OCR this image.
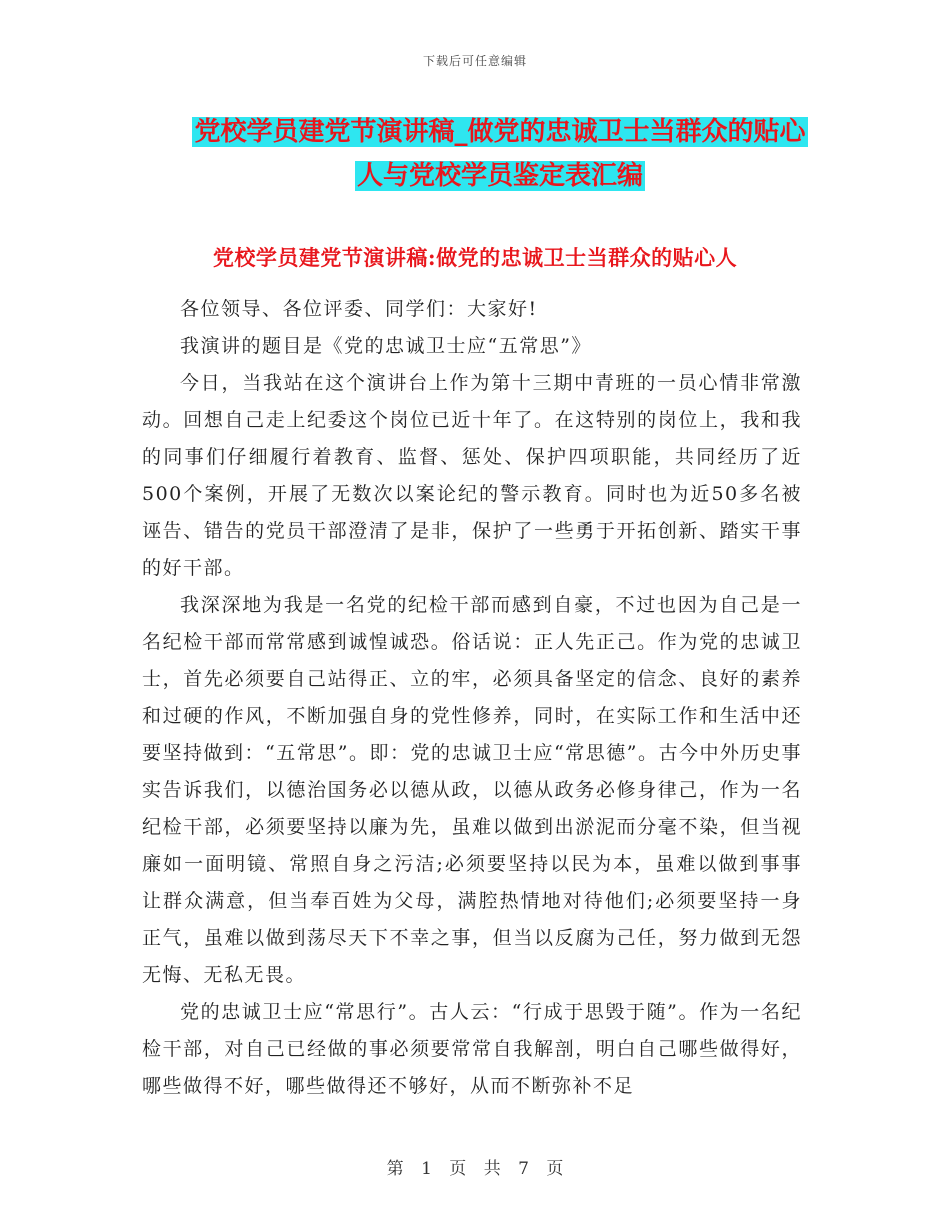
下载后可任意编辑
党校学员建党节演讲稿_做党的忠诚卫士当群众的贴心
人与党校学员鉴定表汇编
党校学员建党节演讲稿:做党的忠诚卫士当群众的贴心人

各位领导、各位评委、同学们：大家好!

我演讲的题目是《党的忠诚卫士应“五常思”》

今日，当我站在这个演讲台上作为第十三期中青班的一员心情非常激动。回想自己走上纪委这个岗位已近十年了。在这特别的岗位上，我和我的同事们仔细履行着教育、监督、惩处、保护四项职能，共同经历了近500个案例，开展了无数次以案论纪的警示教育。同时也为近50多名被诬告、错告的党员干部澄清了是非，保护了一些勇于开拓创新、踏实干事的好干部。

我深深地为我是一名党的纪检干部而感到自豪，不过也因为自己是一名纪检干部而常常感到诚惶诚恐。俗话说：正人先正己。作为党的忠诚卫士，首先必须要自己站得正、立的牢，必须具备坚定的信念、良好的素养和过硬的作风，不断加强自身的党性修养，同时，在实际工作和生活中还要坚持做到：“五常思”。即：党的忠诚卫士应“常思德”。古今中外历史事实告诉我们，以德治国务必以德从政，以德从政务必修身律己，作为一名纪检干部，必须要坚持以廉为先，虽难以做到出淤泥而分毫不染，但当视廉如一面明镜、常照自身之污洁;必须要坚持以民为本，虽难以做到事事让群众满意，但当奉百姓为父母，满腔热情地对待他们;必须要坚持一身正气，虽难以做到荡尽天下不幸之事，但当以反腐为己任，努力做到无怨无悔、无私无畏。

党的忠诚卫士应“常思行”。古人云：“行成于思毁于随”。作为一名纪检干部，对自己已经做的事必须要常常自我解剖，明白自己哪些做得好，哪些做得不好，哪些做得还不够好，从而不断弥补不足

第 1 页 共 7 页
